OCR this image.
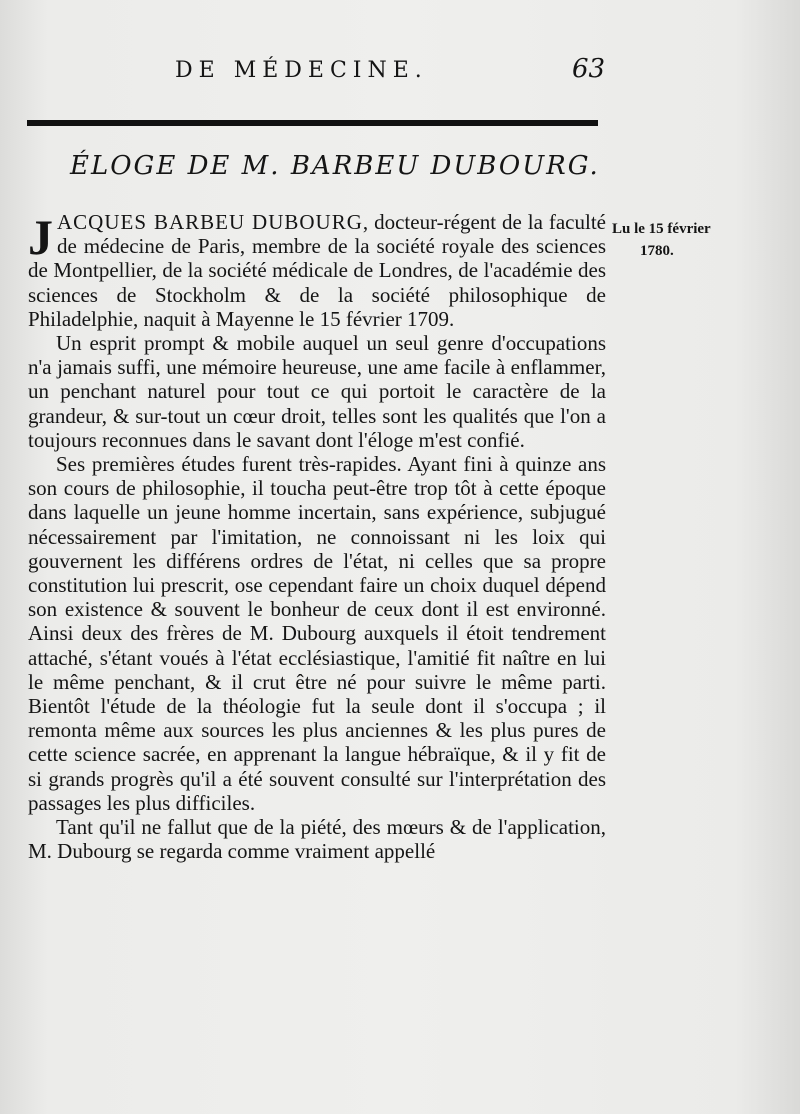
DE MÉDECINE.	63
ÉLOGE DE M. BARBEU DUBOURG.
Lu le 15 février
1780.

JACQUES BARBEU DUBOURG, docteur-régent de la faculté de médecine de Paris, membre de la société royale des sciences de Montpellier, de la société médicale de Londres, de l'académie des sciences de Stockholm & de la société philosophique de Philadelphie, naquit à Mayenne le 15 février 1709.

Un esprit prompt & mobile auquel un seul genre d'occupations n'a jamais suffi, une mémoire heureuse, une ame facile à enflammer, un penchant naturel pour tout ce qui portoit le caractère de la grandeur, & sur-tout un cœur droit, telles sont les qualités que l'on a toujours reconnues dans le savant dont l'éloge m'est confié.

Ses premières études furent très-rapides. Ayant fini à quinze ans son cours de philosophie, il toucha peut-être trop tôt à cette époque dans laquelle un jeune homme incertain, sans expérience, subjugué nécessairement par l'imitation, ne connoissant ni les loix qui gouvernent les différens ordres de l'état, ni celles que sa propre constitution lui prescrit, ose cependant faire un choix duquel dépend son existence & souvent le bonheur de ceux dont il est environné. Ainsi deux des frères de M. Dubourg auxquels il étoit tendrement attaché, s'étant voués à l'état ecclésiastique, l'amitié fit naître en lui le même penchant, & il crut être né pour suivre le même parti. Bientôt l'étude de la théologie fut la seule dont il s'occupa ; il remonta même aux sources les plus anciennes & les plus pures de cette science sacrée, en apprenant la langue hébraïque, & il y fit de si grands progrès qu'il a été souvent consulté sur l'interprétation des passages les plus difficiles.

Tant qu'il ne fallut que de la piété, des mœurs & de l'application, M. Dubourg se regarda comme vraiment appellé
